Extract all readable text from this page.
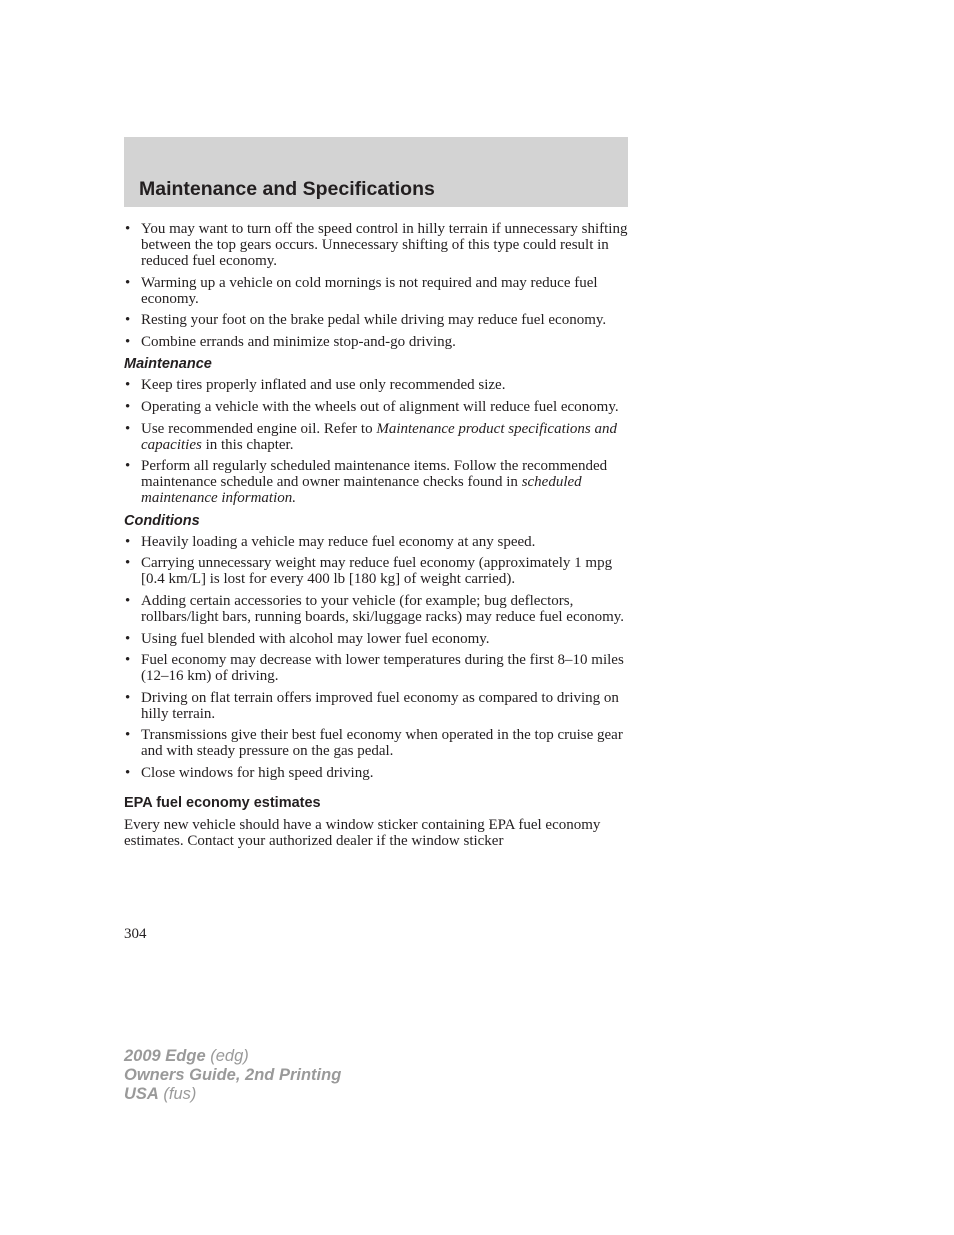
Maintenance and Specifications
• You may want to turn off the speed control in hilly terrain if unnecessary shifting between the top gears occurs. Unnecessary shifting of this type could result in reduced fuel economy.
• Warming up a vehicle on cold mornings is not required and may reduce fuel economy.
• Resting your foot on the brake pedal while driving may reduce fuel economy.
• Combine errands and minimize stop-and-go driving.
Maintenance
• Keep tires properly inflated and use only recommended size.
• Operating a vehicle with the wheels out of alignment will reduce fuel economy.
• Use recommended engine oil. Refer to Maintenance product specifications and capacities in this chapter.
• Perform all regularly scheduled maintenance items. Follow the recommended maintenance schedule and owner maintenance checks found in scheduled maintenance information.
Conditions
• Heavily loading a vehicle may reduce fuel economy at any speed.
• Carrying unnecessary weight may reduce fuel economy (approximately 1 mpg [0.4 km/L] is lost for every 400 lb [180 kg] of weight carried).
• Adding certain accessories to your vehicle (for example; bug deflectors, rollbars/light bars, running boards, ski/luggage racks) may reduce fuel economy.
• Using fuel blended with alcohol may lower fuel economy.
• Fuel economy may decrease with lower temperatures during the first 8–10 miles (12–16 km) of driving.
• Driving on flat terrain offers improved fuel economy as compared to driving on hilly terrain.
• Transmissions give their best fuel economy when operated in the top cruise gear and with steady pressure on the gas pedal.
• Close windows for high speed driving.
EPA fuel economy estimates

Every new vehicle should have a window sticker containing EPA fuel economy estimates. Contact your authorized dealer if the window sticker

304
2009 Edge (edg)
Owners Guide, 2nd Printing
USA (fus)
